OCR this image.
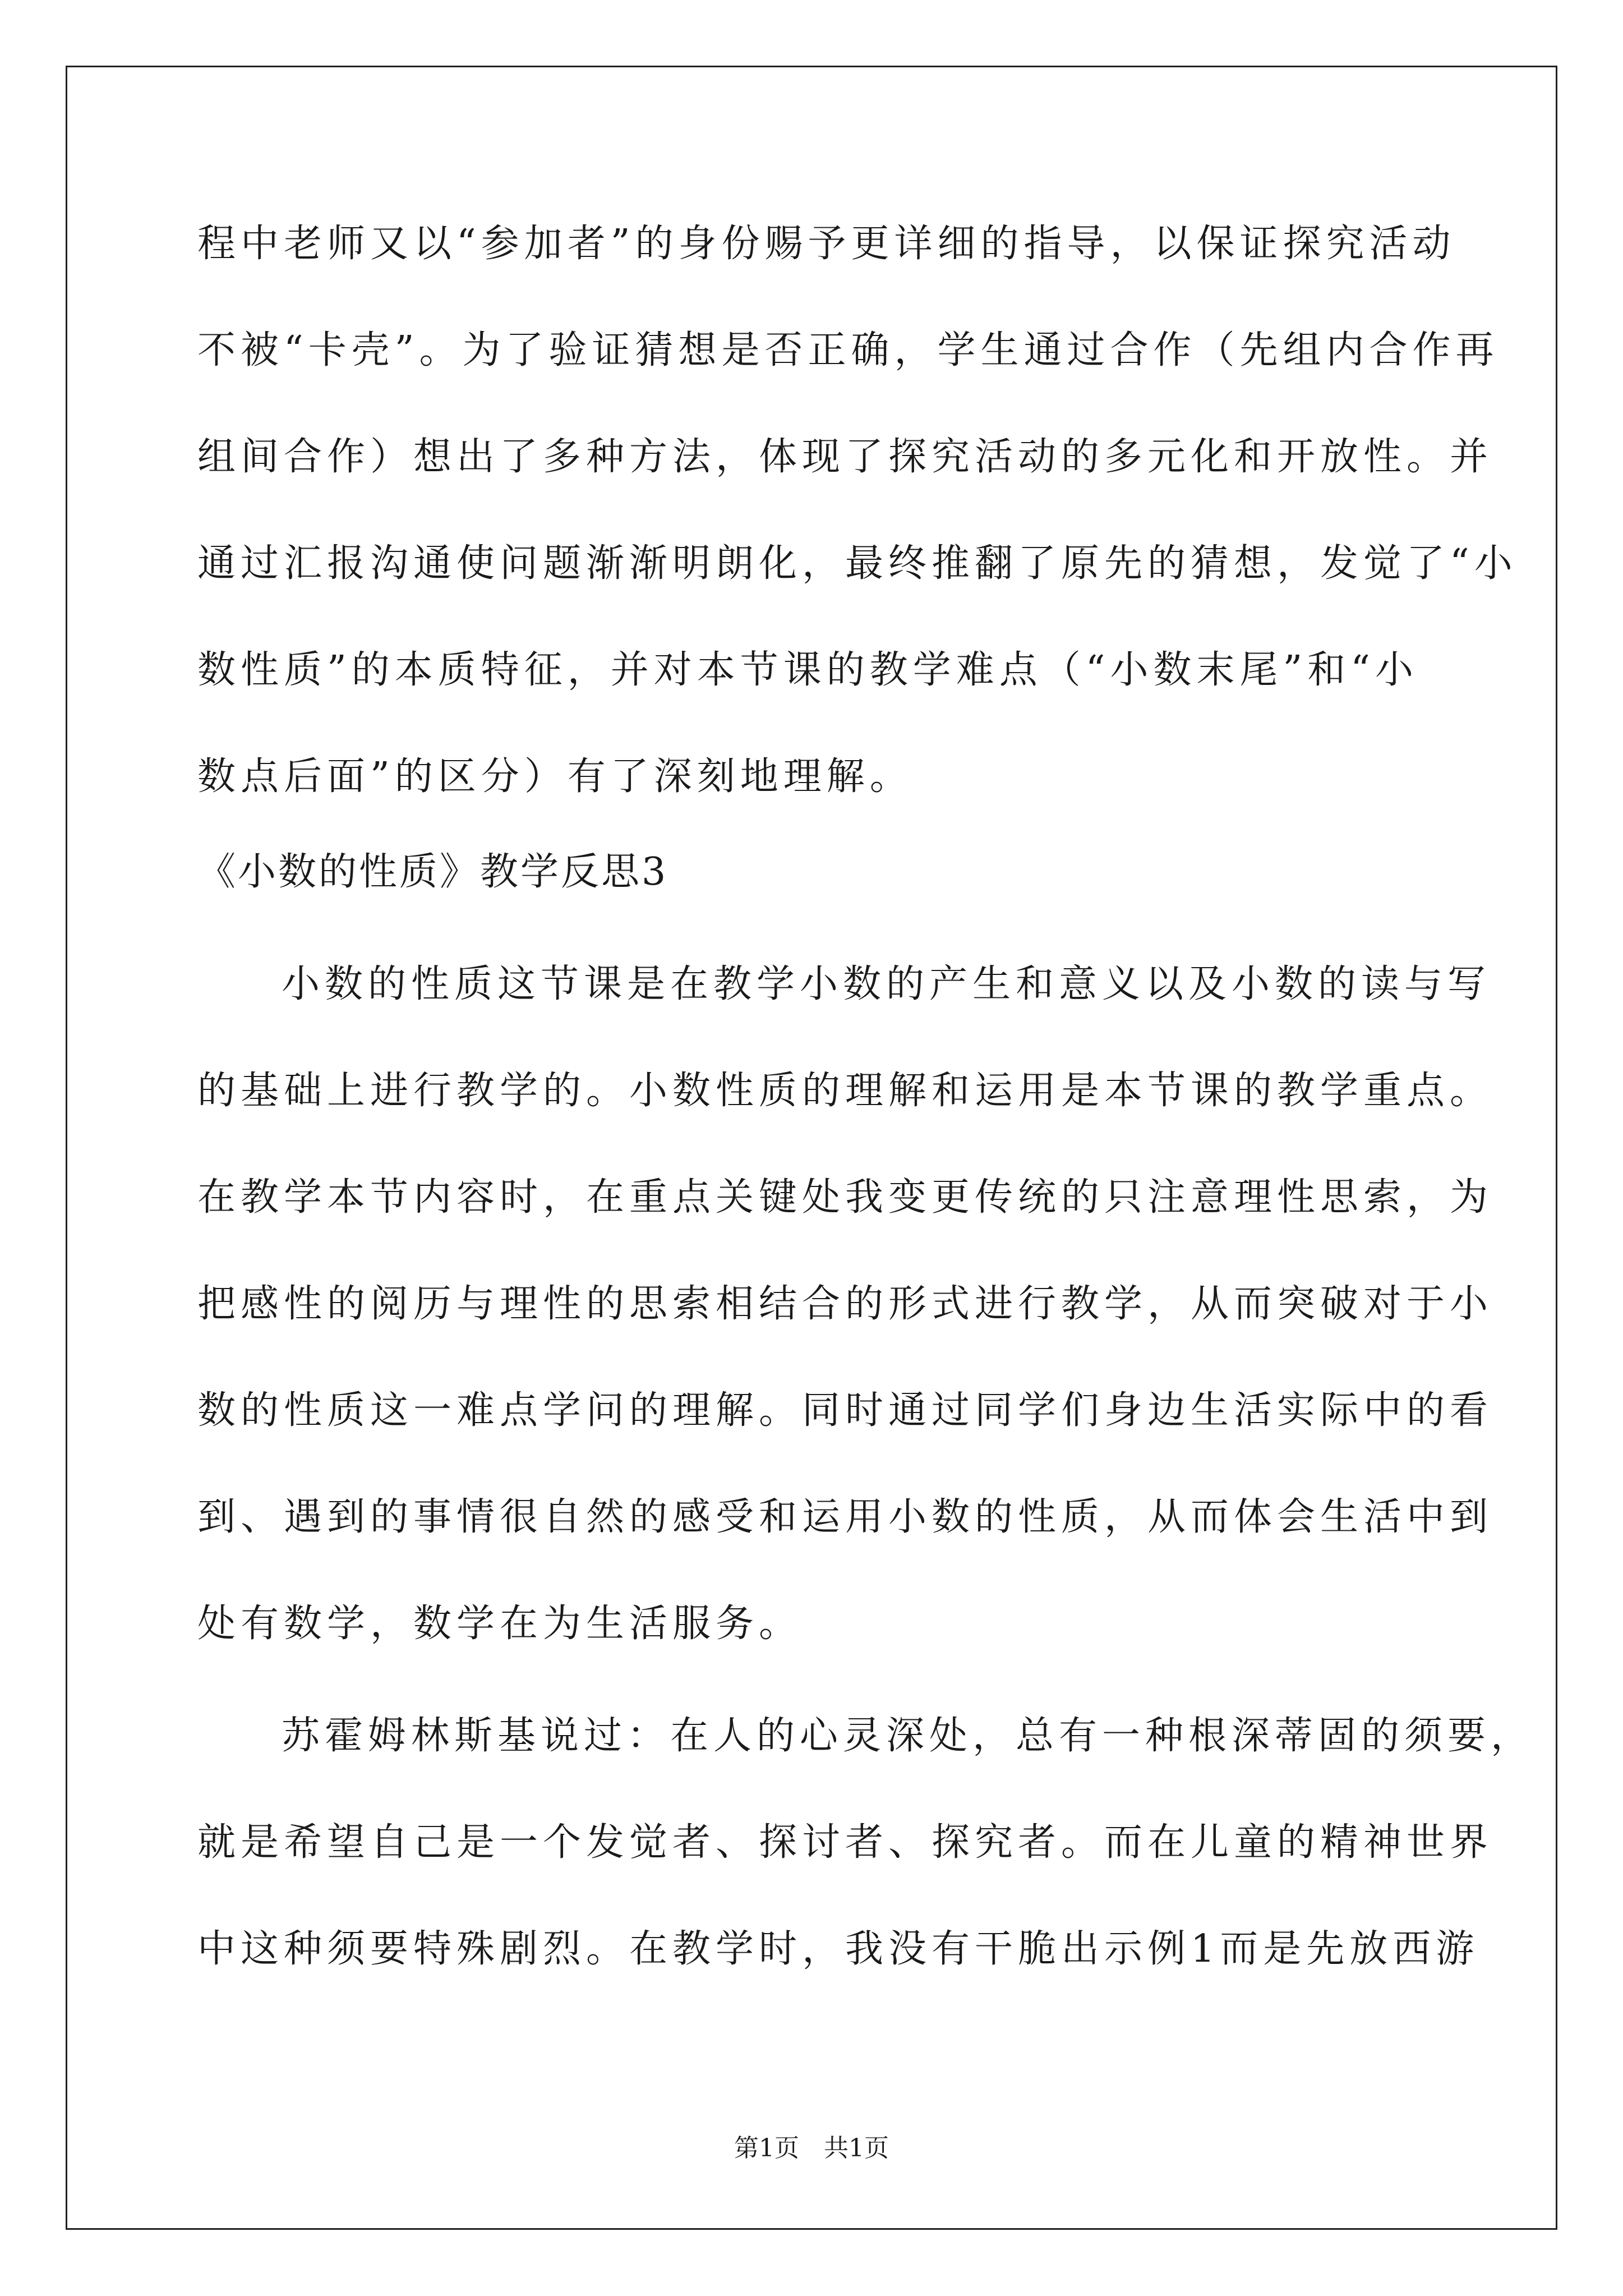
程中老师又以“参加者”的身份赐予更详细的指导，以保证探究活动
不被“卡壳”。为了验证猜想是否正确，学生通过合作（先组内合作再
组间合作）想出了多种方法，体现了探究活动的多元化和开放性。并
通过汇报沟通使问题渐渐明朗化，最终推翻了原先的猜想，发觉了“小
数性质”的本质特征，并对本节课的教学难点（“小数末尾”和“小
数点后面”的区分）有了深刻地理解。
《小数的性质》教学反思3
小数的性质这节课是在教学小数的产生和意义以及小数的读与写
的基础上进行教学的。小数性质的理解和运用是本节课的教学重点。
在教学本节内容时，在重点关键处我变更传统的只注意理性思索，为
把感性的阅历与理性的思索相结合的形式进行教学，从而突破对于小
数的性质这一难点学问的理解。同时通过同学们身边生活实际中的看
到、遇到的事情很自然的感受和运用小数的性质，从而体会生活中到
处有数学，数学在为生活服务。
苏霍姆林斯基说过：在人的心灵深处，总有一种根深蒂固的须要，
就是希望自己是一个发觉者、探讨者、探究者。而在儿童的精神世界
中这种须要特殊剧烈。在教学时，我没有干脆出示例1而是先放西游
第1页　共1页
